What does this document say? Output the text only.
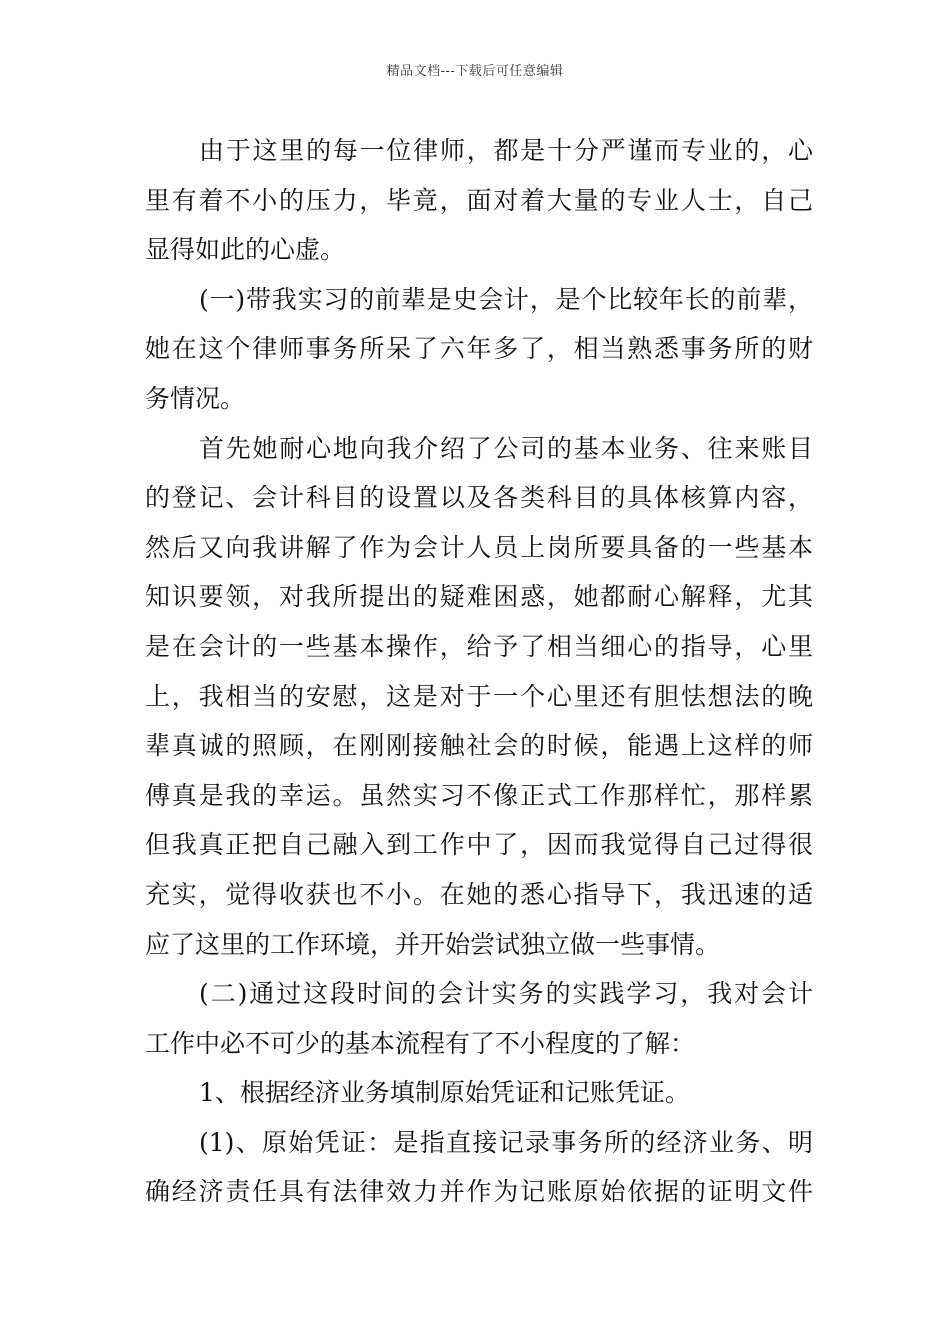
精品文档---下载后可任意编辑
由于这里的每一位律师，都是十分严谨而专业的，心
里有着不小的压力，毕竟，面对着大量的专业人士，自己
显得如此的心虚。
(一)带我实习的前辈是史会计，是个比较年长的前辈，
她在这个律师事务所呆了六年多了，相当熟悉事务所的财
务情况。
首先她耐心地向我介绍了公司的基本业务、往来账目
的登记、会计科目的设置以及各类科目的具体核算内容，
然后又向我讲解了作为会计人员上岗所要具备的一些基本
知识要领，对我所提出的疑难困惑，她都耐心解释，尤其
是在会计的一些基本操作，给予了相当细心的指导，心里
上，我相当的安慰，这是对于一个心里还有胆怯想法的晚
辈真诚的照顾，在刚刚接触社会的时候，能遇上这样的师
傅真是我的幸运。虽然实习不像正式工作那样忙，那样累
但我真正把自己融入到工作中了，因而我觉得自己过得很
充实，觉得收获也不小。在她的悉心指导下，我迅速的适
应了这里的工作环境，并开始尝试独立做一些事情。
(二)通过这段时间的会计实务的实践学习，我对会计
工作中必不可少的基本流程有了不小程度的了解：
1、根据经济业务填制原始凭证和记账凭证。
(1)、原始凭证：是指直接记录事务所的经济业务、明
确经济责任具有法律效力并作为记账原始依据的证明文件
